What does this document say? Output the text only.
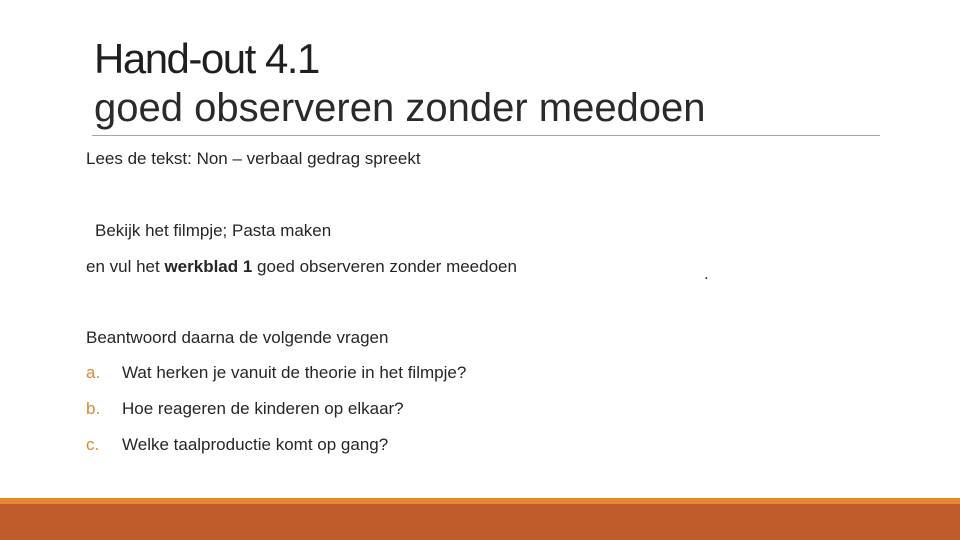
Hand-out 4.1
goed observeren zonder meedoen
Lees de tekst: Non – verbaal gedrag spreekt
Bekijk het filmpje; Pasta maken
en vul het werkblad 1 goed observeren zonder meedoen	.
Beantwoord daarna de volgende vragen
a. Wat herken je vanuit de theorie in het filmpje?
b. Hoe reageren de kinderen op elkaar?
c. Welke taalproductie komt op gang?
